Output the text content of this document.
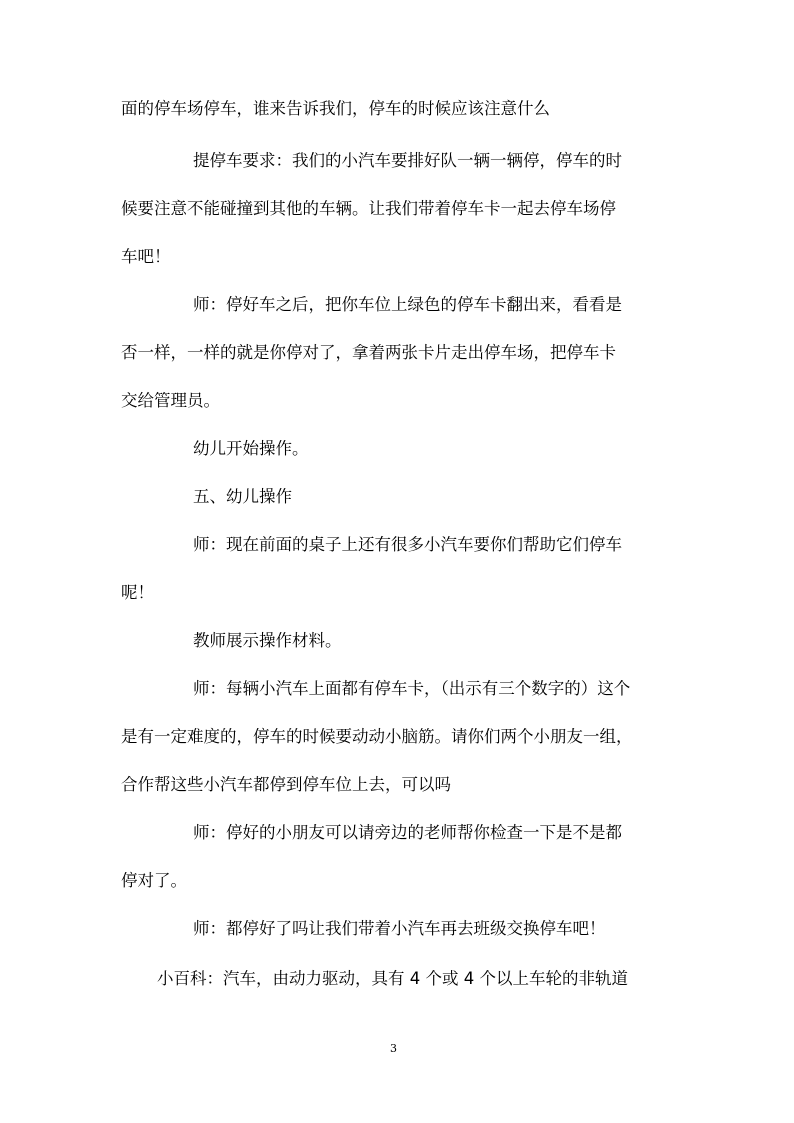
面的停车场停车，谁来告诉我们，停车的时候应该注意什么
提停车要求：我们的小汽车要排好队一辆一辆停，停车的时
候要注意不能碰撞到其他的车辆。让我们带着停车卡一起去停车场停
车吧！
师：停好车之后，把你车位上绿色的停车卡翻出来，看看是
否一样，一样的就是你停对了，拿着两张卡片走出停车场，把停车卡
交给管理员。
幼儿开始操作。
五、幼儿操作
师：现在前面的桌子上还有很多小汽车要你们帮助它们停车
呢！
教师展示操作材料。
师：每辆小汽车上面都有停车卡，（出示有三个数字的）这个
是有一定难度的，停车的时候要动动小脑筋。请你们两个小朋友一组，
合作帮这些小汽车都停到停车位上去，可以吗
师：停好的小朋友可以请旁边的老师帮你检查一下是不是都
停对了。
师：都停好了吗让我们带着小汽车再去班级交换停车吧！
小百科：汽车，由动力驱动，具有 4 个或 4 个以上车轮的非轨道
3
